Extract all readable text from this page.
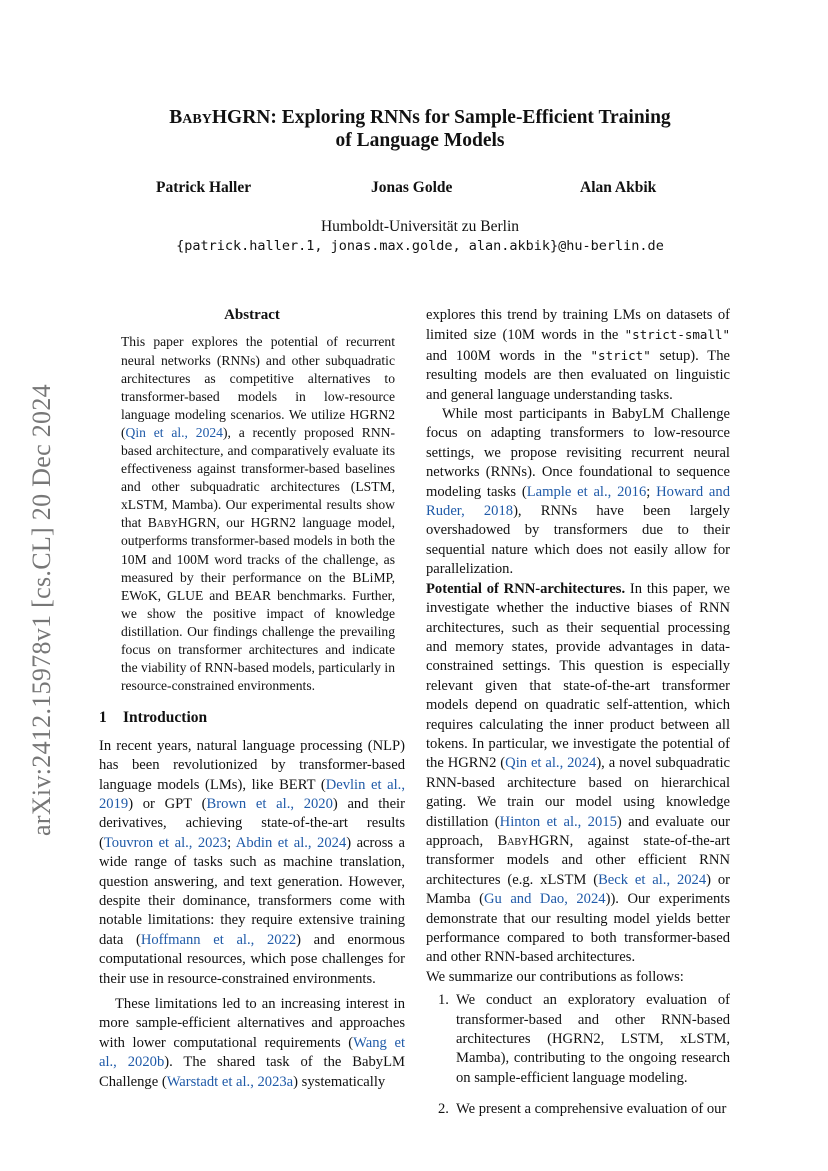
arXiv:2412.15978v1 [cs.CL] 20 Dec 2024
BabyHGRN: Exploring RNNs for Sample-Efficient Training
of Language Models
Patrick Haller	Jonas Golde	Alan Akbik
Humboldt-Universität zu Berlin
{patrick.haller.1, jonas.max.golde, alan.akbik}@hu-berlin.de
Abstract

This paper explores the potential of recurrent neural networks (RNNs) and other subquadratic architectures as competitive alternatives to transformer-based models in low-resource language modeling scenarios. We utilize HGRN2 (Qin et al., 2024), a recently proposed RNN-based architecture, and comparatively evaluate its effectiveness against transformer-based baselines and other subquadratic architectures (LSTM, xLSTM, Mamba). Our experimental results show that BabyHGRN, our HGRN2 language model, outperforms transformer-based models in both the 10M and 100M word tracks of the challenge, as measured by their performance on the BLiMP, EWoK, GLUE and BEAR benchmarks. Further, we show the positive impact of knowledge distillation. Our findings challenge the prevailing focus on transformer architectures and indicate the viability of RNN-based models, particularly in resource-constrained environments.

1 Introduction

In recent years, natural language processing (NLP) has been revolutionized by transformer-based language models (LMs), like BERT (Devlin et al., 2019) or GPT (Brown et al., 2020) and their derivatives, achieving state-of-the-art results (Touvron et al., 2023; Abdin et al., 2024) across a wide range of tasks such as machine translation, question answering, and text generation. However, despite their dominance, transformers come with notable limitations: they require extensive training data (Hoffmann et al., 2022) and enormous computational resources, which pose challenges for their use in resource-constrained environments.

These limitations led to an increasing interest in more sample-efficient alternatives and approaches with lower computational requirements (Wang et al., 2020b). The shared task of the BabyLM Challenge (Warstadt et al., 2023a) systematically

explores this trend by training LMs on datasets of limited size (10M words in the "strict-small" and 100M words in the "strict" setup). The resulting models are then evaluated on linguistic and general language understanding tasks.

While most participants in BabyLM Challenge focus on adapting transformers to low-resource settings, we propose revisiting recurrent neural networks (RNNs). Once foundational to sequence modeling tasks (Lample et al., 2016; Howard and Ruder, 2018), RNNs have been largely overshadowed by transformers due to their sequential nature which does not easily allow for parallelization.

Potential of RNN-architectures. In this paper, we investigate whether the inductive biases of RNN architectures, such as their sequential processing and memory states, provide advantages in data-constrained settings. This question is especially relevant given that state-of-the-art transformer models depend on quadratic self-attention, which requires calculating the inner product between all tokens. In particular, we investigate the potential of the HGRN2 (Qin et al., 2024), a novel subquadratic RNN-based architecture based on hierarchical gating. We train our model using knowledge distillation (Hinton et al., 2015) and evaluate our approach, BabyHGRN, against state-of-the-art transformer models and other efficient RNN architectures (e.g. xLSTM (Beck et al., 2024) or Mamba (Gu and Dao, 2024)). Our experiments demonstrate that our resulting model yields better performance compared to both transformer-based and other RNN-based architectures.

We summarize our contributions as follows:

1. We conduct an exploratory evaluation of transformer-based and other RNN-based architectures (HGRN2, LSTM, xLSTM, Mamba), contributing to the ongoing research on sample-efficient language modeling.
2. We present a comprehensive evaluation of our
